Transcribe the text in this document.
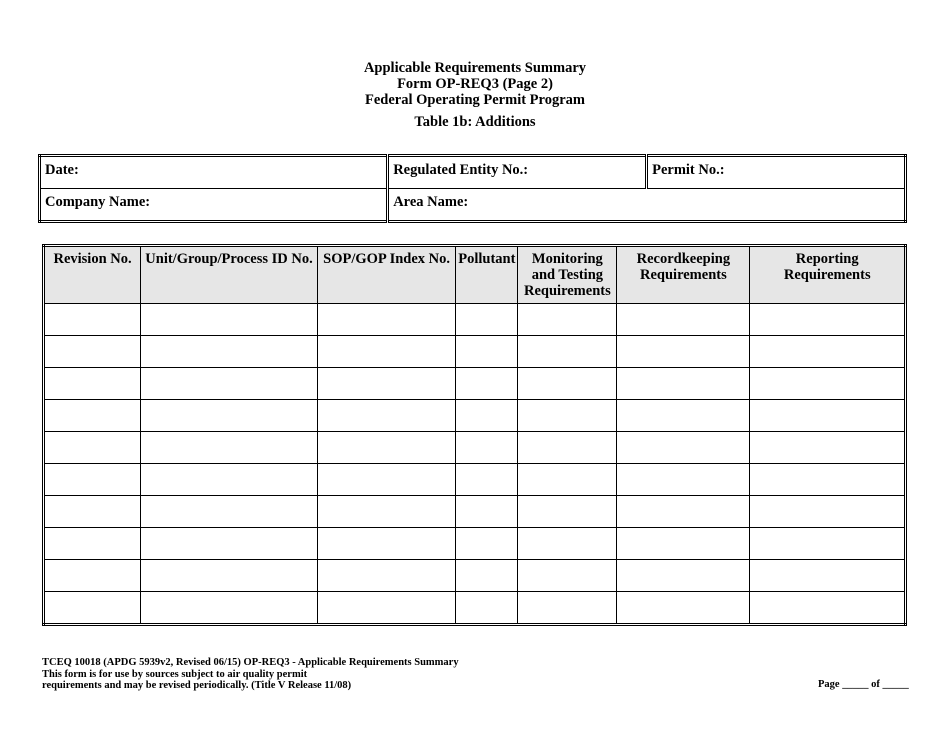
Applicable Requirements Summary
Form OP-REQ3 (Page 2)
Federal Operating Permit Program
Table 1b: Additions
Date:	Regulated Entity No.:	Permit No.:
Company Name:	Area Name:	
Revision No.	Unit/Group/Process ID No.	SOP/GOP Index No.	Pollutant	Monitoring and Testing Requirements	Recordkeeping Requirements	Reporting Requirements

TCEQ 10018 (APDG 5939v2, Revised 06/15) OP-REQ3 - Applicable Requirements Summary
This form is for use by sources subject to air quality permit
requirements and may be revised periodically. (Title V Release 11/08)	Page _____ of _____
